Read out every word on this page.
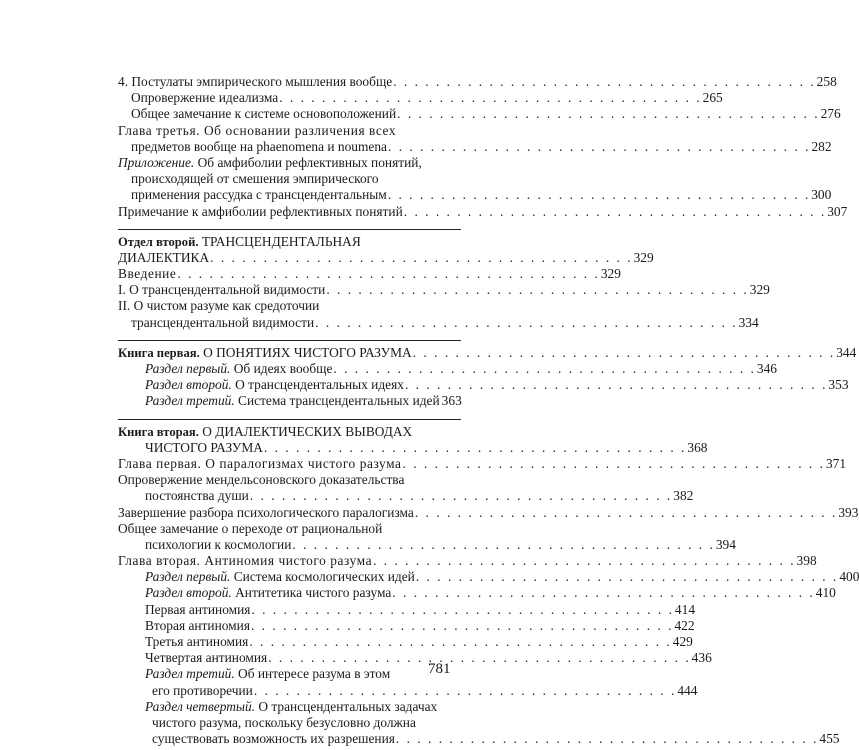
4. Постулаты эмпирического мышления вообще . . . . . . . . . . . . . . . . . . . . . . . . . . . . . . . . . . . . . . . . 258
Опровержение идеализма . . . . . . . . . . . . . . . . . . . . . . . . . . . . . . . . . . . . . . . . 265
Общее замечание к системе основоположений . . . . . . . . . . . . . . . . . . . . . . . . . . . . . . . . . . . . . . . . 276
Глава третья. Об основании различения всех
предметов вообще на phaenomena и noumena . . . . . . . . . . . . . . . . . . . . . . . . . . . . . . . . . . . . . . . . 282
Приложение. Об амфиболии рефлективных понятий,
происходящей от смешения эмпирического
применения рассудка с трансцендентальным . . . . . . . . . . . . . . . . . . . . . . . . . . . . . . . . . . . . . . . . 300
Примечание к амфиболии рефлективных понятий . . . . . . . . . . . . . . . . . . . . . . . . . . . . . . . . . . . . . . . . 307
Отдел второй. ТРАНСЦЕНДЕНТАЛЬНАЯ
ДИАЛЕКТИКА . . . . . . . . . . . . . . . . . . . . . . . . . . . . . . . . . . . . . . . . 329
Введение . . . . . . . . . . . . . . . . . . . . . . . . . . . . . . . . . . . . . . . . 329
I. О трансцендентальной видимости . . . . . . . . . . . . . . . . . . . . . . . . . . . . . . . . . . . . . . . . 329
II. О чистом разуме как средоточии
трансцендентальной видимости . . . . . . . . . . . . . . . . . . . . . . . . . . . . . . . . . . . . . . . . 334
Книга первая. О ПОНЯТИЯХ ЧИСТОГО РАЗУМА . . . . . . . . . . . . . . . . . . . . . . . . . . . . . . . . . . . . . . . . 344
Раздел первый. Об идеях вообще . . . . . . . . . . . . . . . . . . . . . . . . . . . . . . . . . . . . . . . . 346
Раздел второй. О трансцендентальных идеях . . . . . . . . . . . . . . . . . . . . . . . . . . . . . . . . . . . . . . . . 353
Раздел третий. Система трансцендентальных идей 363
Книга вторая. О ДИАЛЕКТИЧЕСКИХ ВЫВОДАХ
ЧИСТОГО РАЗУМА . . . . . . . . . . . . . . . . . . . . . . . . . . . . . . . . . . . . . . . . 368
Глава первая. О паралогизмах чистого разума . . . . . . . . . . . . . . . . . . . . . . . . . . . . . . . . . . . . . . . . 371
Опровержение мендельсоновского доказательства
постоянства души . . . . . . . . . . . . . . . . . . . . . . . . . . . . . . . . . . . . . . . . 382
Завершение разбора психологического паралогизма . . . . . . . . . . . . . . . . . . . . . . . . . . . . . . . . . . . . . . . . 393
Общее замечание о переходе от рациональной
психологии к космологии . . . . . . . . . . . . . . . . . . . . . . . . . . . . . . . . . . . . . . . . 394
Глава вторая. Антиномия чистого разума . . . . . . . . . . . . . . . . . . . . . . . . . . . . . . . . . . . . . . . . 398
Раздел первый. Система космологических идей . . . . . . . . . . . . . . . . . . . . . . . . . . . . . . . . . . . . . . . . 400
Раздел второй. Антитетика чистого разума . . . . . . . . . . . . . . . . . . . . . . . . . . . . . . . . . . . . . . . . 410
Первая антиномия . . . . . . . . . . . . . . . . . . . . . . . . . . . . . . . . . . . . . . . . 414
Вторая антиномия . . . . . . . . . . . . . . . . . . . . . . . . . . . . . . . . . . . . . . . . 422
Третья антиномия . . . . . . . . . . . . . . . . . . . . . . . . . . . . . . . . . . . . . . . . 429
Четвертая антиномия . . . . . . . . . . . . . . . . . . . . . . . . . . . . . . . . . . . . . . . . 436
Раздел третий. Об интересе разума в этом
его противоречии . . . . . . . . . . . . . . . . . . . . . . . . . . . . . . . . . . . . . . . . 444
Раздел четвертый. О трансцендентальных задачах
чистого разума, поскольку безусловно должна
существовать возможность их разрешения . . . . . . . . . . . . . . . . . . . . . . . . . . . . . . . . . . . . . . . . 455
781
